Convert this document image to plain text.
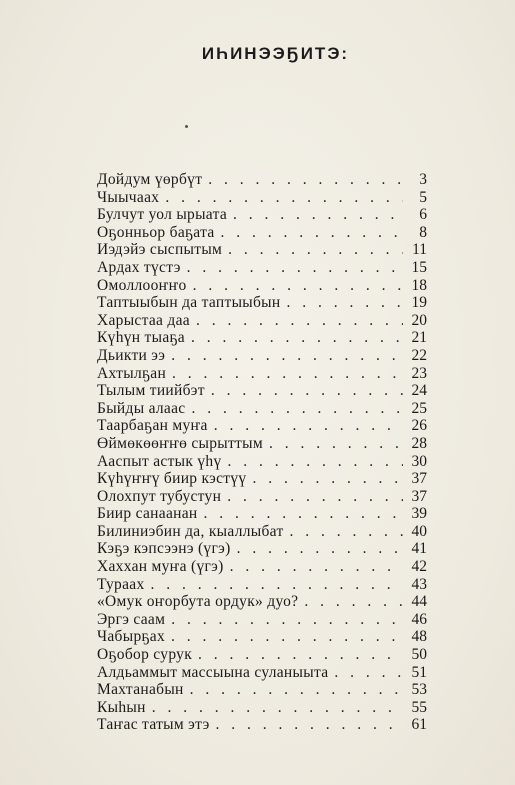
ИҺИНЭЭҔИТЭ:
Дойдум үөрбүт . . .	3
Чыычаах . . .	5
Булчут уол ырыата . . .	6
Оҕонньор баҕата . . .	8
Иэдэйэ сыспытым . . .	11
Ардах түстэ . . .	15
Омоллооҥҥо . . .	18
Таптыыбын да таптыыбын . . .	19
Харыстаа даа . . .	20
Күһүн тыаҕа . . .	21
Дьикти ээ . . .	22
Ахтылҕан . . .	23
Тылым тиийбэт . . .	24
Быйды алаас . . .	25
Таарбаҕан муҥа . . .	26
Өймөкөөҥҥө сырыттым . . .	28
Ааспыт астык үһү . . .	30
Күһүҥҥү биир кэстүү . . .	37
Олохпут тубустун . . .	37
Биир санаанан . . .	39
Билиниэбин да, кыаллыбат . . .	40
Кэҕэ кэпсээнэ (үгэ) . . .	41
Хаххан муҥа (үгэ) . . .	42
Тураах . . .	43
«Омук оҥорбута ордук» дуо? . . .	44
Эргэ саам . . .	46
Чабырҕах . . .	48
Оҕобор сурук . . .	50
Алдьаммыт массыына суланыыта . . .	51
Махтанабын . . .	53
Кыһын . . .	55
Таҥас татым этэ . . .	61
